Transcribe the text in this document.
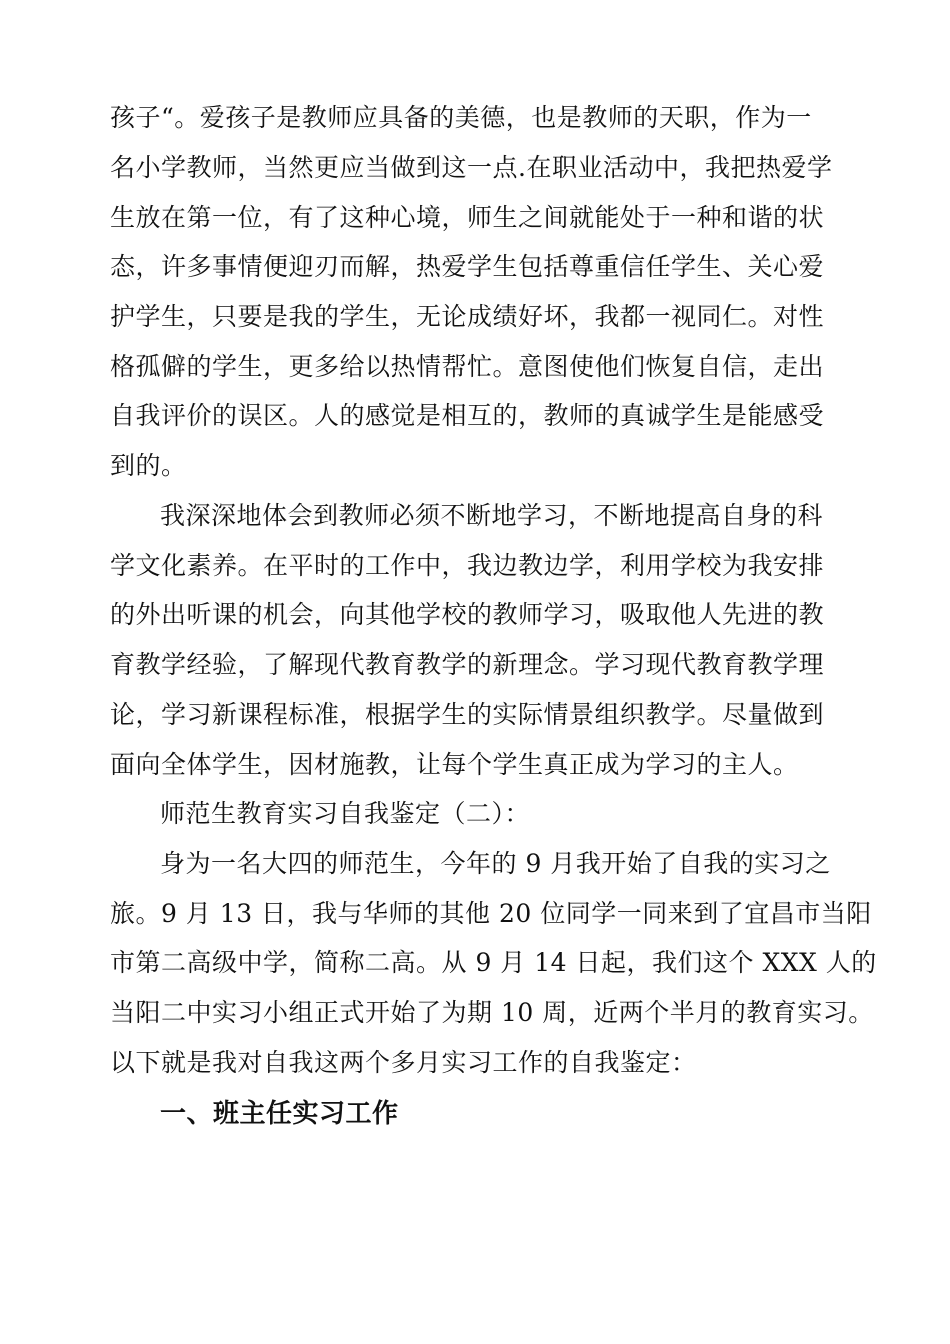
孩子“。爱孩子是教师应具备的美德，也是教师的天职，作为一
名小学教师，当然更应当做到这一点.在职业活动中，我把热爱学
生放在第一位，有了这种心境，师生之间就能处于一种和谐的状
态，许多事情便迎刃而解，热爱学生包括尊重信任学生、关心爱
护学生，只要是我的学生，无论成绩好坏，我都一视同仁。对性
格孤僻的学生，更多给以热情帮忙。意图使他们恢复自信，走出
自我评价的误区。人的感觉是相互的，教师的真诚学生是能感受
到的。
我深深地体会到教师必须不断地学习，不断地提高自身的科
学文化素养。在平时的工作中，我边教边学，利用学校为我安排
的外出听课的机会，向其他学校的教师学习，吸取他人先进的教
育教学经验，了解现代教育教学的新理念。学习现代教育教学理
论，学习新课程标准，根据学生的实际情景组织教学。尽量做到
面向全体学生，因材施教，让每个学生真正成为学习的主人。
师范生教育实习自我鉴定（二）：
身为一名大四的师范生，今年的 9 月我开始了自我的实习之
旅。9 月 13 日，我与华师的其他 20 位同学一同来到了宜昌市当阳
市第二高级中学，简称二高。从 9 月 14 日起，我们这个 XXX 人的
当阳二中实习小组正式开始了为期 10 周，近两个半月的教育实习。
以下就是我对自我这两个多月实习工作的自我鉴定：
一、班主任实习工作
